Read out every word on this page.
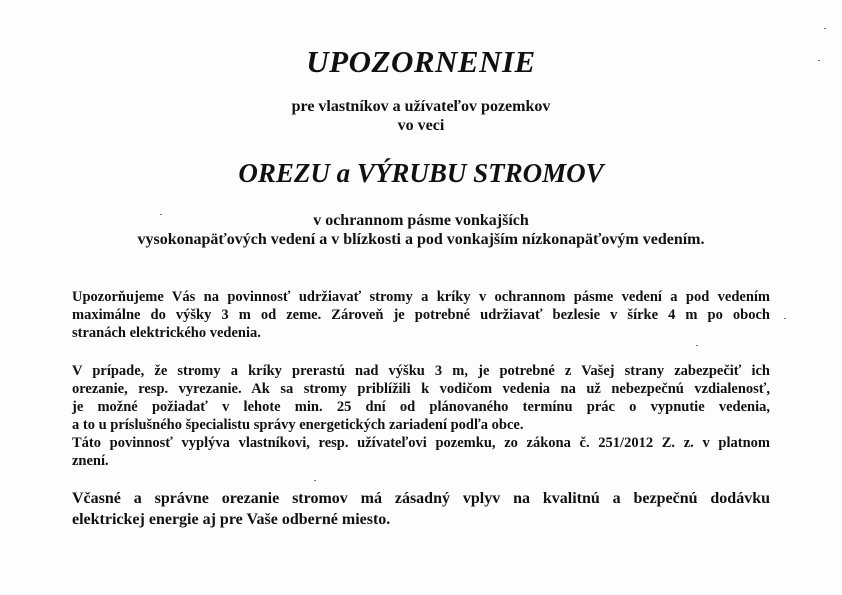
UPOZORNENIE

pre vlastníkov a užívateľov pozemkov

vo veci

OREZU a VÝRUBU STROMOV

v ochrannom pásme vonkajších

vysokonapäťových vedení a v blízkosti a pod vonkajším nízkonapäťovým vedením.

Upozorňujeme Vás na povinnosť udržiavať stromy a kríky v ochrannom pásme vedení a pod vedením
maximálne do výšky 3 m od zeme. Zároveň je potrebné udržiavať bezlesie v šírke 4 m po oboch
stranách elektrického vedenia.
V prípade, že stromy a kríky prerastú nad výšku 3 m, je potrebné z Vašej strany zabezpečiť ich
orezanie, resp. vyrezanie. Ak sa stromy priblížili k vodičom vedenia na už nebezpečnú vzdialenosť,
je možné požiadať v lehote min. 25 dní od plánovaného termínu prác o vypnutie vedenia,
a to u príslušného špecialistu správy energetických zariadení podľa obce.
Táto povinnosť vyplýva vlastníkovi, resp. užívateľovi pozemku, zo zákona č. 251/2012 Z. z. v platnom
znení.
Včasné a správne orezanie stromov má zásadný vplyv na kvalitnú a bezpečnú dodávku
elektrickej energie aj pre Vaše odberné miesto.
